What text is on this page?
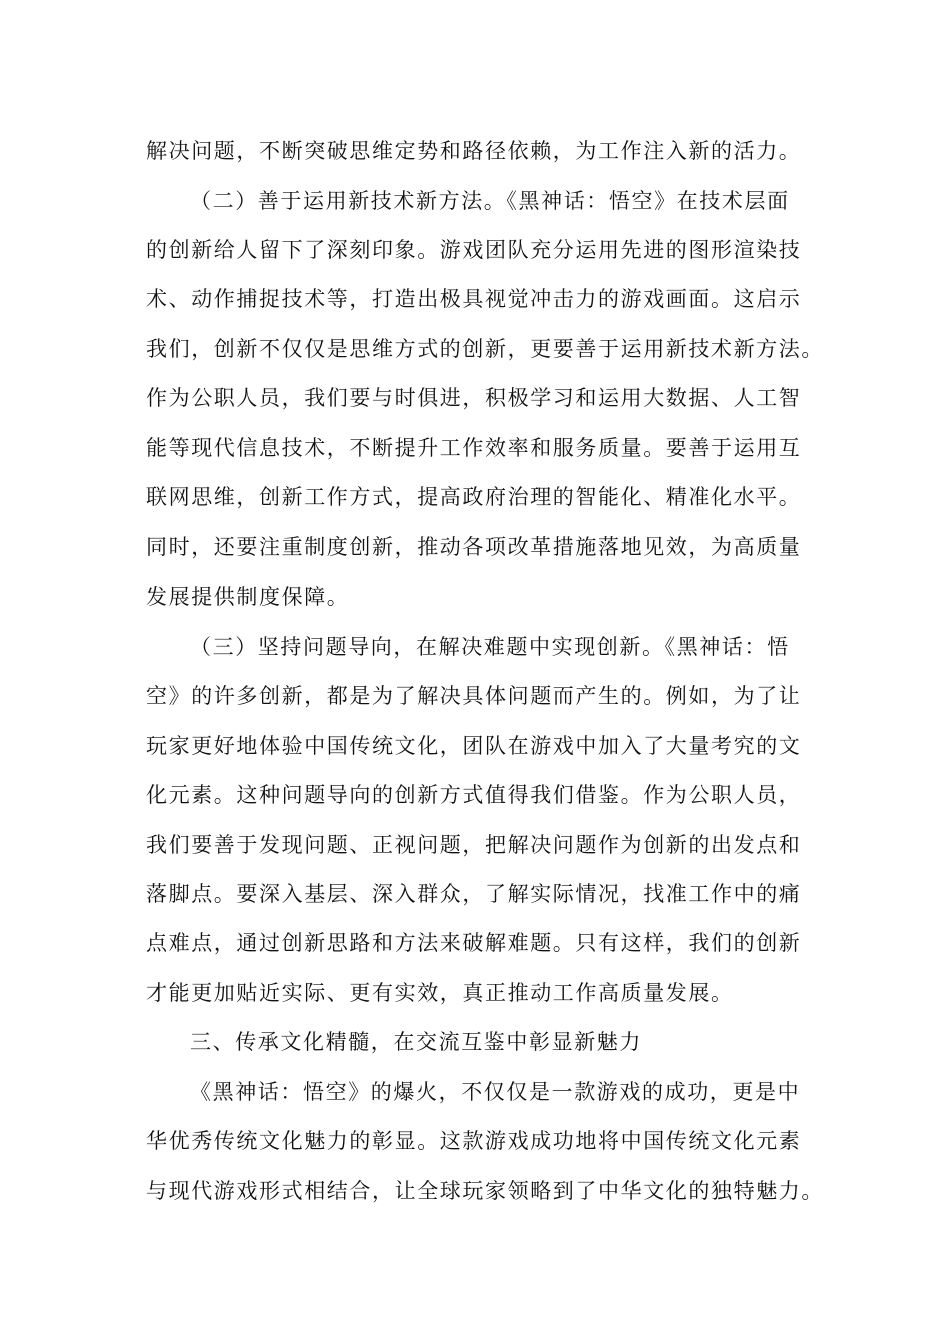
解决问题，不断突破思维定势和路径依赖，为工作注入新的活力。
（二）善于运用新技术新方法。《黑神话：悟空》在技术层面
的创新给人留下了深刻印象。游戏团队充分运用先进的图形渲染技
术、动作捕捉技术等，打造出极具视觉冲击力的游戏画面。这启示
我们，创新不仅仅是思维方式的创新，更要善于运用新技术新方法。
作为公职人员，我们要与时俱进，积极学习和运用大数据、人工智
能等现代信息技术，不断提升工作效率和服务质量。要善于运用互
联网思维，创新工作方式，提高政府治理的智能化、精准化水平。
同时，还要注重制度创新，推动各项改革措施落地见效，为高质量
发展提供制度保障。
（三）坚持问题导向，在解决难题中实现创新。《黑神话：悟
空》的许多创新，都是为了解决具体问题而产生的。例如，为了让
玩家更好地体验中国传统文化，团队在游戏中加入了大量考究的文
化元素。这种问题导向的创新方式值得我们借鉴。作为公职人员，
我们要善于发现问题、正视问题，把解决问题作为创新的出发点和
落脚点。要深入基层、深入群众，了解实际情况，找准工作中的痛
点难点，通过创新思路和方法来破解难题。只有这样，我们的创新
才能更加贴近实际、更有实效，真正推动工作高质量发展。
三、传承文化精髓，在交流互鉴中彰显新魅力
《黑神话：悟空》的爆火，不仅仅是一款游戏的成功，更是中
华优秀传统文化魅力的彰显。这款游戏成功地将中国传统文化元素
与现代游戏形式相结合，让全球玩家领略到了中华文化的独特魅力。
